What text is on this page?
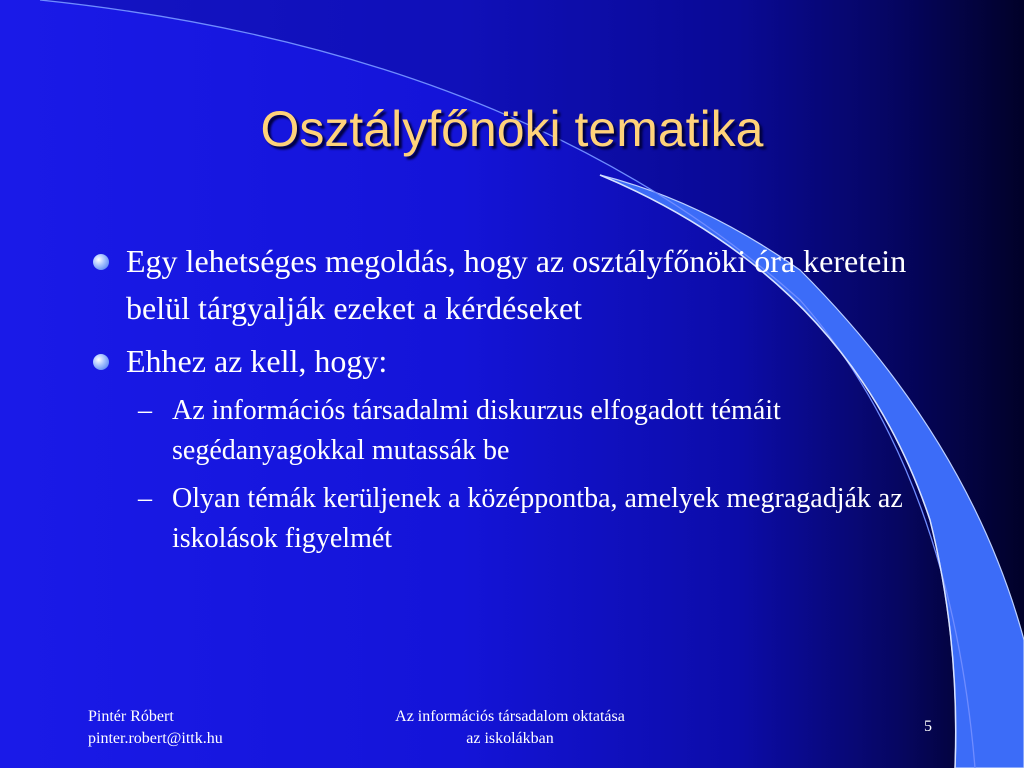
Osztályfőnöki tematika
Egy lehetséges megoldás, hogy az osztályfőnöki óra keretein belül tárgyalják ezeket a kérdéseket
Ehhez az kell, hogy:
– Az információs társadalmi diskurzus elfogadott témáit segédanyagokkal mutassák be
– Olyan témák kerüljenek a középpontba, amelyek megragadják az iskolások figyelmét
Pintér Róbert
pinter.robert@ittk.hu
Az információs társadalom oktatása
az iskolákban
5
